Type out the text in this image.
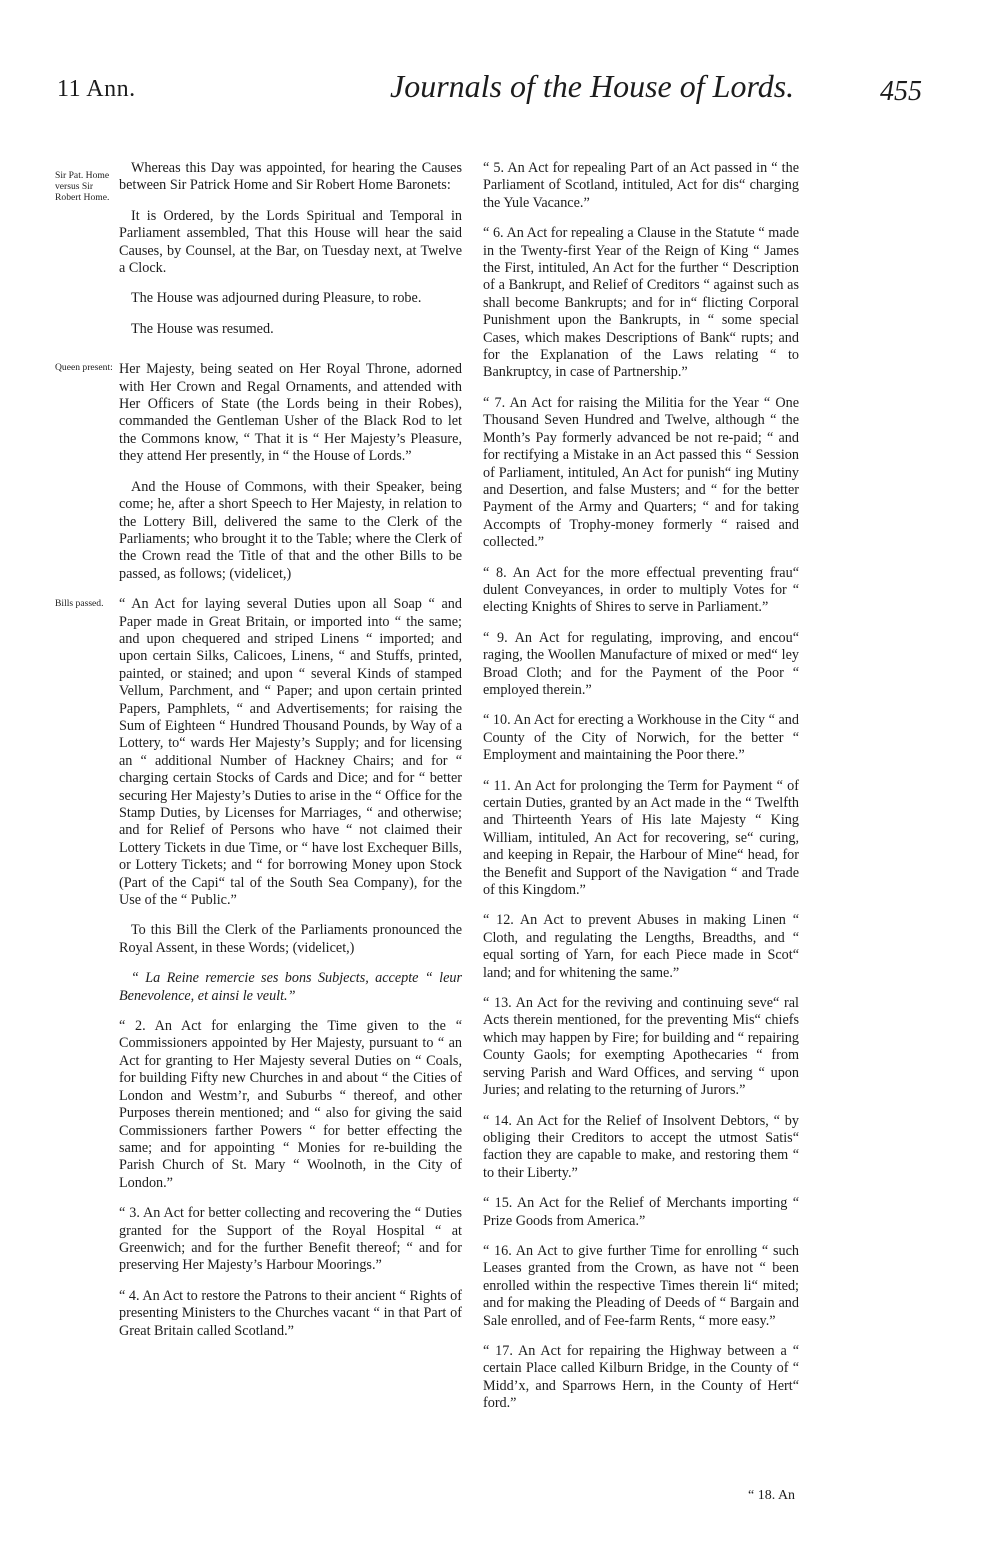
11 Ann.	Journals of the House of Lords.	455
Sir Pat. Home versus Sir Robert Home.
Queen present:
Bills passed.

Whereas this Day was appointed, for hearing the Causes between Sir Patrick Home and Sir Robert Home Baronets:

It is Ordered, by the Lords Spiritual and Temporal in Parliament assembled, That this House will hear the said Causes, by Counsel, at the Bar, on Tuesday next, at Twelve a Clock.

The House was adjourned during Pleasure, to robe.

The House was resumed.

Her Majesty, being seated on Her Royal Throne, adorned with Her Crown and Regal Ornaments, and attended with Her Officers of State (the Lords being in their Robes), commanded the Gentleman Usher of the Black Rod to let the Commons know, “ That it is “ Her Majesty’s Pleasure, they attend Her presently, in “ the House of Lords.”

And the House of Commons, with their Speaker, being come; he, after a short Speech to Her Majesty, in relation to the Lottery Bill, delivered the same to the Clerk of the Parliaments; who brought it to the Table; where the Clerk of the Crown read the Title of that and the other Bills to be passed, as follows; (videlicet,)

“ An Act for laying several Duties upon all Soap “ and Paper made in Great Britain, or imported into “ the same; and upon chequered and striped Linens “ imported; and upon certain Silks, Calicoes, Linens, “ and Stuffs, printed, painted, or stained; and upon “ several Kinds of stamped Vellum, Parchment, and “ Paper; and upon certain printed Papers, Pamphlets, “ and Advertisements; for raising the Sum of Eighteen “ Hundred Thousand Pounds, by Way of a Lottery, to“ wards Her Majesty’s Supply; and for licensing an “ additional Number of Hackney Chairs; and for “ charging certain Stocks of Cards and Dice; and for “ better securing Her Majesty’s Duties to arise in the “ Office for the Stamp Duties, by Licenses for Marriages, “ and otherwise; and for Relief of Persons who have “ not claimed their Lottery Tickets in due Time, or “ have lost Exchequer Bills, or Lottery Tickets; and “ for borrowing Money upon Stock (Part of the Capi“ tal of the South Sea Company), for the Use of the “ Public.”

To this Bill the Clerk of the Parliaments pronounced the Royal Assent, in these Words; (videlicet,)

“ La Reine remercie ses bons Subjects, accepte “ leur Benevolence, et ainsi le veult.”

“ 2. An Act for enlarging the Time given to the “ Commissioners appointed by Her Majesty, pursuant to “ an Act for granting to Her Majesty several Duties on “ Coals, for building Fifty new Churches in and about “ the Cities of London and Westm’r, and Suburbs “ thereof, and other Purposes therein mentioned; and “ also for giving the said Commissioners farther Powers “ for better effecting the same; and for appointing “ Monies for re-building the Parish Church of St. Mary “ Woolnoth, in the City of London.”

“ 3. An Act for better collecting and recovering the “ Duties granted for the Support of the Royal Hospital “ at Greenwich; and for the further Benefit thereof; “ and for preserving Her Majesty’s Harbour Moorings.”

“ 4. An Act to restore the Patrons to their ancient “ Rights of presenting Ministers to the Churches vacant “ in that Part of Great Britain called Scotland.”

“ 5. An Act for repealing Part of an Act passed in “ the Parliament of Scotland, intituled, Act for dis“ charging the Yule Vacance.”

“ 6. An Act for repealing a Clause in the Statute “ made in the Twenty-first Year of the Reign of King “ James the First, intituled, An Act for the further “ Description of a Bankrupt, and Relief of Creditors “ against such as shall become Bankrupts; and for in“ flicting Corporal Punishment upon the Bankrupts, in “ some special Cases, which makes Descriptions of Bank“ rupts; and for the Explanation of the Laws relating “ to Bankruptcy, in case of Partnership.”

“ 7. An Act for raising the Militia for the Year “ One Thousand Seven Hundred and Twelve, although “ the Month’s Pay formerly advanced be not re-paid; “ and for rectifying a Mistake in an Act passed this “ Session of Parliament, intituled, An Act for punish“ ing Mutiny and Desertion, and false Musters; and “ for the better Payment of the Army and Quarters; “ and for taking Accompts of Trophy-money formerly “ raised and collected.”

“ 8. An Act for the more effectual preventing frau“ dulent Conveyances, in order to multiply Votes for “ electing Knights of Shires to serve in Parliament.”

“ 9. An Act for regulating, improving, and encou“ raging, the Woollen Manufacture of mixed or med“ ley Broad Cloth; and for the Payment of the Poor “ employed therein.”

“ 10. An Act for erecting a Workhouse in the City “ and County of the City of Norwich, for the better “ Employment and maintaining the Poor there.”

“ 11. An Act for prolonging the Term for Payment “ of certain Duties, granted by an Act made in the “ Twelfth and Thirteenth Years of His late Majesty “ King William, intituled, An Act for recovering, se“ curing, and keeping in Repair, the Harbour of Mine“ head, for the Benefit and Support of the Navigation “ and Trade of this Kingdom.”

“ 12. An Act to prevent Abuses in making Linen “ Cloth, and regulating the Lengths, Breadths, and “ equal sorting of Yarn, for each Piece made in Scot“ land; and for whitening the same.”

“ 13. An Act for the reviving and continuing seve“ ral Acts therein mentioned, for the preventing Mis“ chiefs which may happen by Fire; for building and “ repairing County Gaols; for exempting Apothecaries “ from serving Parish and Ward Offices, and serving “ upon Juries; and relating to the returning of Jurors.”

“ 14. An Act for the Relief of Insolvent Debtors, “ by obliging their Creditors to accept the utmost Satis“ faction they are capable to make, and restoring them “ to their Liberty.”

“ 15. An Act for the Relief of Merchants importing “ Prize Goods from America.”

“ 16. An Act to give further Time for enrolling “ such Leases granted from the Crown, as have not “ been enrolled within the respective Times therein li“ mited; and for making the Pleading of Deeds of “ Bargain and Sale enrolled, and of Fee-farm Rents, “ more easy.”

“ 17. An Act for repairing the Highway between a “ certain Place called Kilburn Bridge, in the County of “ Midd’x, and Sparrows Hern, in the County of Hert“ ford.”

“ 18. An
